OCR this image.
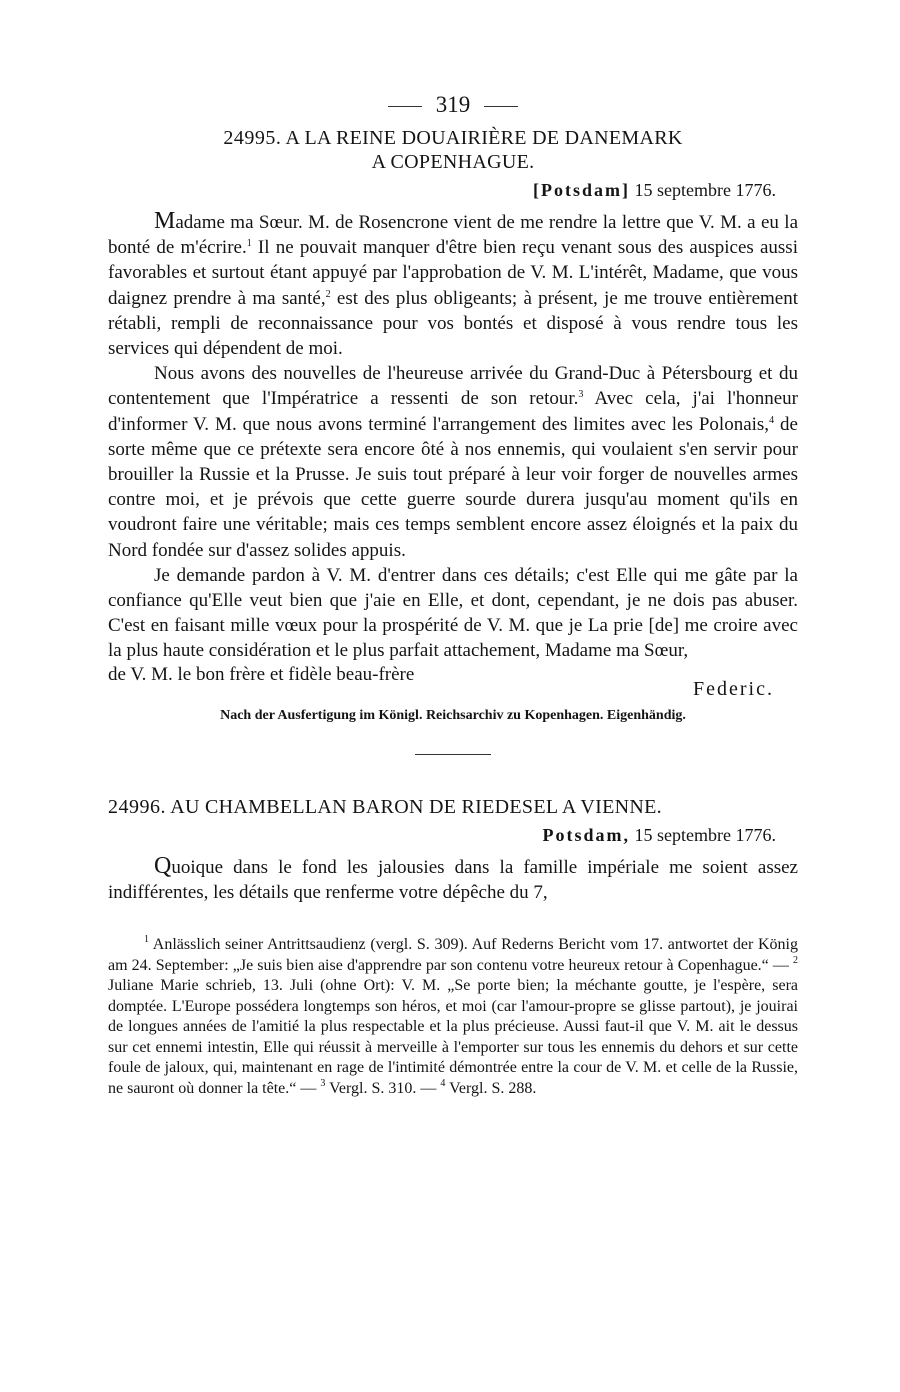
319
24995. A LA REINE DOUAIRIÈRE DE DANEMARK
A COPENHAGUE.
[Potsdam] 15 septembre 1776.

Madame ma Sœur. M. de Rosencrone vient de me rendre la lettre que V. M. a eu la bonté de m'écrire.$^1$ Il ne pouvait manquer d'être bien reçu venant sous des auspices aussi favorables et surtout étant appuyé par l'approbation de V. M. L'intérêt, Madame, que vous daignez prendre à ma santé,$^2$ est des plus obligeants; à présent, je me trouve entièrement rétabli, rempli de reconnaissance pour vos bontés et disposé à vous rendre tous les services qui dépendent de moi.

Nous avons des nouvelles de l'heureuse arrivée du Grand-Duc à Pétersbourg et du contentement que l'Impératrice a ressenti de son retour.$^3$ Avec cela, j'ai l'honneur d'informer V. M. que nous avons terminé l'arrangement des limites avec les Polonais,$^4$ de sorte même que ce prétexte sera encore ôté à nos ennemis, qui voulaient s'en servir pour brouiller la Russie et la Prusse. Je suis tout préparé à leur voir forger de nouvelles armes contre moi, et je prévois que cette guerre sourde durera jusqu'au moment qu'ils en voudront faire une véritable; mais ces temps semblent encore assez éloignés et la paix du Nord fondée sur d'assez solides appuis.

Je demande pardon à V. M. d'entrer dans ces détails; c'est Elle qui me gâte par la confiance qu'Elle veut bien que j'aie en Elle, et dont, cependant, je ne dois pas abuser. C'est en faisant mille vœux pour la prospérité de V. M. que je La prie [de] me croire avec la plus haute considération et le plus parfait attachement, Madame ma Sœur,

de V. M. le bon frère et fidèle beau-frère
Federic.
Nach der Ausfertigung im Königl. Reichsarchiv zu Kopenhagen. Eigenhändig.
24996. AU CHAMBELLAN BARON DE RIEDESEL A VIENNE.
Potsdam, 15 septembre 1776.

Quoique dans le fond les jalousies dans la famille impériale me soient assez indifférentes, les détails que renferme votre dépêche du 7,

$^1$ Anlässlich seiner Antrittsaudienz (vergl. S. 309). Auf Rederns Bericht vom 17. antwortet der König am 24. September: „Je suis bien aise d'apprendre par son contenu votre heureux retour à Copenhague.“ — $^2$ Juliane Marie schrieb, 13. Juli (ohne Ort): V. M. „Se porte bien; la méchante goutte, je l'espère, sera domptée. L'Europe possédera longtemps son héros, et moi (car l'amour-propre se glisse partout), je jouirai de longues années de l'amitié la plus respectable et la plus précieuse. Aussi faut-il que V. M. ait le dessus sur cet ennemi intestin, Elle qui réussit à merveille à l'emporter sur tous les ennemis du dehors et sur cette foule de jaloux, qui, maintenant en rage de l'intimité démontrée entre la cour de V. M. et celle de la Russie, ne sauront où donner la tête.“ — $^3$ Vergl. S. 310. — $^4$ Vergl. S. 288.
